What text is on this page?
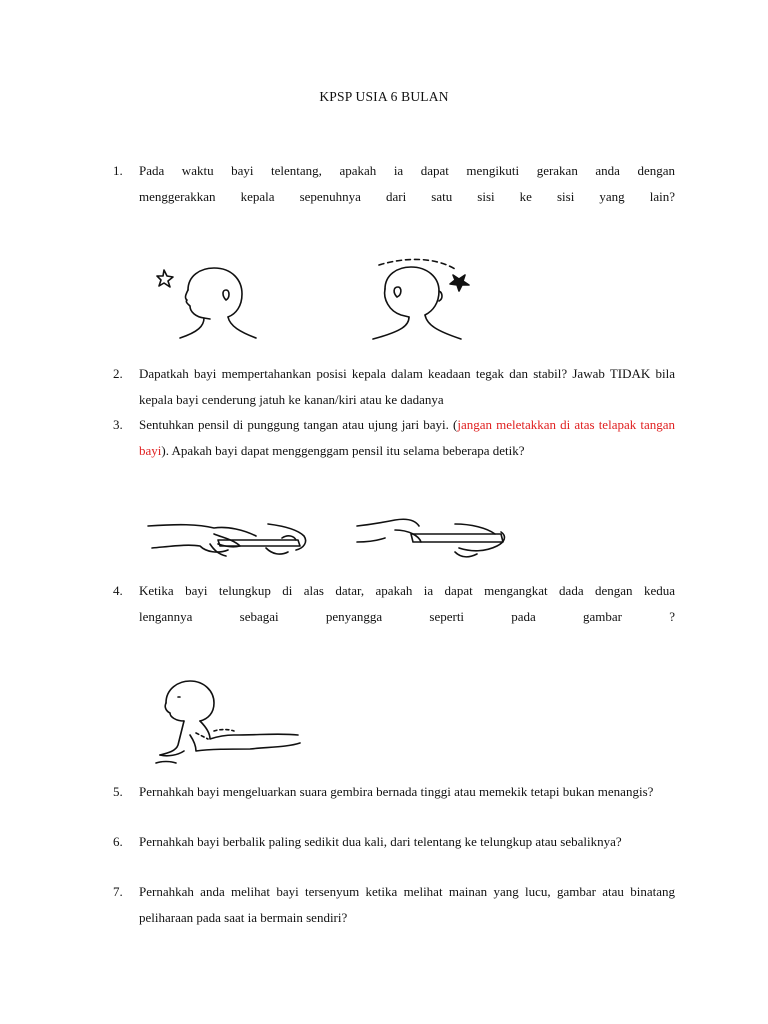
KPSP USIA 6 BULAN
1.	Pada waktu bayi telentang, apakah ia dapat mengikuti gerakan anda dengan
menggerakkan kepala sepenuhnya dari satu sisi ke sisi yang lain?
2.	Dapatkah bayi mempertahankan posisi kepala dalam keadaan tegak dan stabil? Jawab TIDAK bila kepala bayi cenderung jatuh ke kanan/kiri atau ke dadanya
3.	Sentuhkan pensil di punggung tangan atau ujung jari bayi. (jangan meletakkan di atas telapak tangan bayi). Apakah bayi dapat menggenggam pensil itu selama beberapa detik?
4.	Ketika bayi telungkup di alas datar, apakah ia dapat mengangkat dada dengan kedua
lengannya sebagai penyangga seperti pada gambar ?
5.	Pernahkah bayi mengeluarkan suara gembira bernada tinggi atau memekik tetapi bukan menangis?
6.	Pernahkah bayi berbalik paling sedikit dua kali, dari telentang ke telungkup atau sebaliknya?
7.	Pernahkah anda melihat bayi tersenyum ketika melihat mainan yang lucu, gambar atau binatang peliharaan pada saat ia bermain sendiri?
